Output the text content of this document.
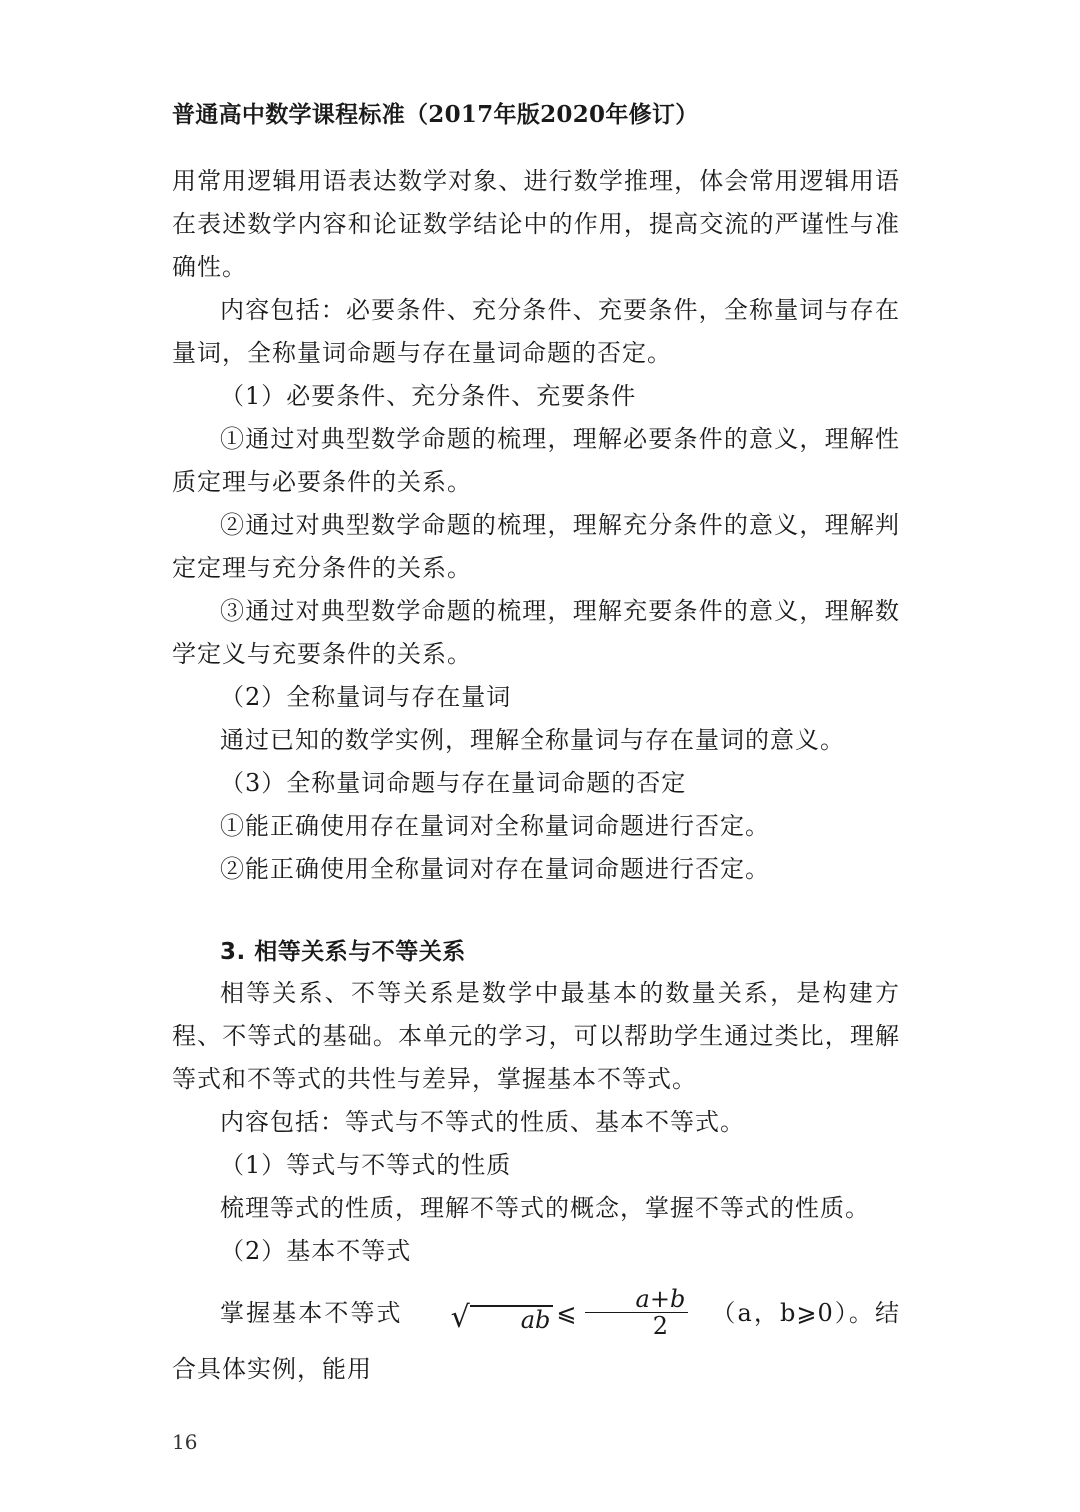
普通高中数学课程标准（2017年版2020年修订）

用常用逻辑用语表达数学对象、进行数学推理，体会常用逻辑用语在表述数学内容和论证数学结论中的作用，提高交流的严谨性与准确性。

内容包括：必要条件、充分条件、充要条件，全称量词与存在量词，全称量词命题与存在量词命题的否定。

（1）必要条件、充分条件、充要条件

①通过对典型数学命题的梳理，理解必要条件的意义，理解性质定理与必要条件的关系。

②通过对典型数学命题的梳理，理解充分条件的意义，理解判定定理与充分条件的关系。

③通过对典型数学命题的梳理，理解充要条件的意义，理解数学定义与充要条件的关系。

（2）全称量词与存在量词

通过已知的数学实例，理解全称量词与存在量词的意义。

（3）全称量词命题与存在量词命题的否定

①能正确使用存在量词对全称量词命题进行否定。

②能正确使用全称量词对存在量词命题进行否定。

3. 相等关系与不等关系

相等关系、不等关系是数学中最基本的数量关系，是构建方程、不等式的基础。本单元的学习，可以帮助学生通过类比，理解等式和不等式的共性与差异，掌握基本不等式。

内容包括：等式与不等式的性质、基本不等式。

（1）等式与不等式的性质

梳理等式的性质，理解不等式的概念，掌握不等式的性质。

（2）基本不等式

掌握基本不等式	√	ab ⩽ $\frac{a+b}{2} (a$，b⩾0）。结合具体实例，能用

16
